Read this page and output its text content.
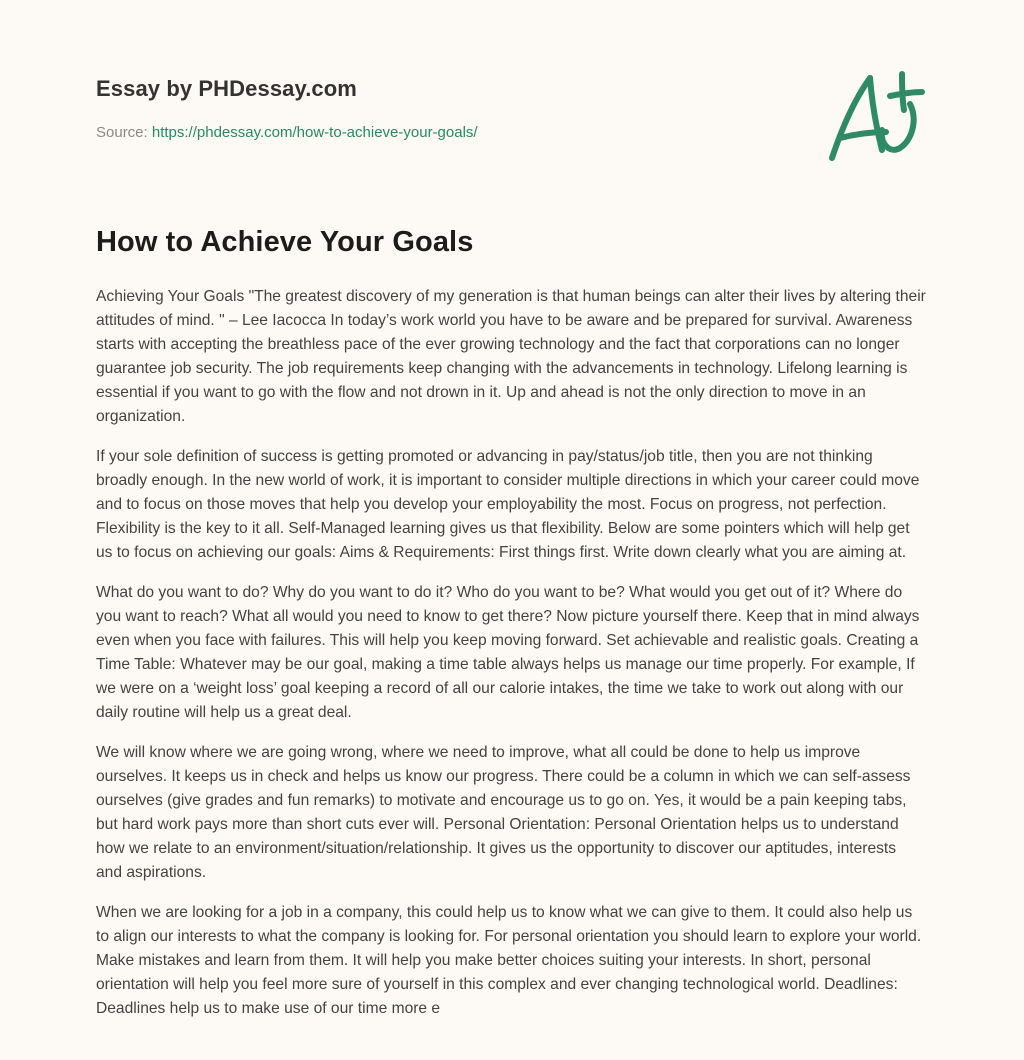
Essay by PHDessay.com

Source: https://phdessay.com/how-to-achieve-your-goals/

How to Achieve Your Goals

Achieving Your Goals "The greatest discovery of my generation is that human beings can alter their lives by altering their attitudes of mind. " – Lee Iacocca In today’s work world you have to be aware and be prepared for survival. Awareness starts with accepting the breathless pace of the ever growing technology and the fact that corporations can no longer guarantee job security. The job requirements keep changing with the advancements in technology. Lifelong learning is essential if you want to go with the flow and not drown in it. Up and ahead is not the only direction to move in an organization.

If your sole definition of success is getting promoted or advancing in pay/status/job title, then you are not thinking broadly enough. In the new world of work, it is important to consider multiple directions in which your career could move and to focus on those moves that help you develop your employability the most. Focus on progress, not perfection. Flexibility is the key to it all. Self-Managed learning gives us that flexibility. Below are some pointers which will help get us to focus on achieving our goals: Aims & Requirements: First things first. Write down clearly what you are aiming at.

What do you want to do? Why do you want to do it? Who do you want to be? What would you get out of it? Where do you want to reach? What all would you need to know to get there? Now picture yourself there. Keep that in mind always even when you face with failures. This will help you keep moving forward. Set achievable and realistic goals. Creating a Time Table: Whatever may be our goal, making a time table always helps us manage our time properly. For example, If we were on a ‘weight loss’ goal keeping a record of all our calorie intakes, the time we take to work out along with our daily routine will help us a great deal.

We will know where we are going wrong, where we need to improve, what all could be done to help us improve ourselves. It keeps us in check and helps us know our progress. There could be a column in which we can self-assess ourselves (give grades and fun remarks) to motivate and encourage us to go on. Yes, it would be a pain keeping tabs, but hard work pays more than short cuts ever will. Personal Orientation: Personal Orientation helps us to understand how we relate to an environment/situation/relationship. It gives us the opportunity to discover our aptitudes, interests and aspirations.

When we are looking for a job in a company, this could help us to know what we can give to them. It could also help us to align our interests to what the company is looking for. For personal orientation you should learn to explore your world. Make mistakes and learn from them. It will help you make better choices suiting your interests. In short, personal orientation will help you feel more sure of yourself in this complex and ever changing technological world. Deadlines: Deadlines help us to make use of our time more e
